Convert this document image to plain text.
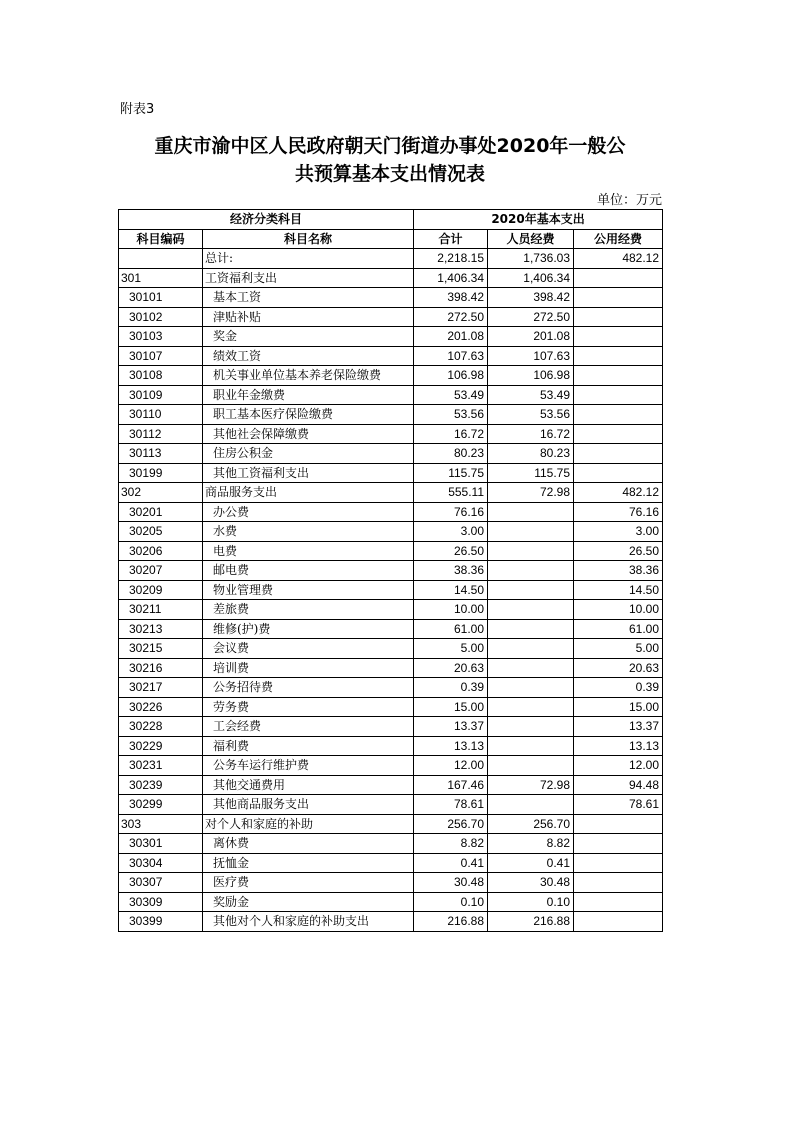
附表3
重庆市渝中区人民政府朝天门街道办事处2020年一般公
共预算基本支出情况表
单位：万元
经济分类科目		2020年基本支出		
科目编码	科目名称	合计	人员经费	公用经费
	总计:	2,218.15	1,736.03	482.12
301	工资福利支出	1,406.34	1,406.34	
30101	基本工资	398.42	398.42	
30102	津贴补贴	272.50	272.50	
30103	奖金	201.08	201.08	
30107	绩效工资	107.63	107.63	
30108	机关事业单位基本养老保险缴费	106.98	106.98	
30109	职业年金缴费	53.49	53.49	
30110	职工基本医疗保险缴费	53.56	53.56	
30112	其他社会保障缴费	16.72	16.72	
30113	住房公积金	80.23	80.23	
30199	其他工资福利支出	115.75	115.75	
302	商品服务支出	555.11	72.98	482.12
30201	办公费	76.16		76.16
30205	水费	3.00		3.00
30206	电费	26.50		26.50
30207	邮电费	38.36		38.36
30209	物业管理费	14.50		14.50
30211	差旅费	10.00		10.00
30213	维修(护)费	61.00		61.00
30215	会议费	5.00		5.00
30216	培训费	20.63		20.63
30217	公务招待费	0.39		0.39
30226	劳务费	15.00		15.00
30228	工会经费	13.37		13.37
30229	福利费	13.13		13.13
30231	公务车运行维护费	12.00		12.00
30239	其他交通费用	167.46	72.98	94.48
30299	其他商品服务支出	78.61		78.61
303	对个人和家庭的补助	256.70	256.70	
30301	离休费	8.82	8.82	
30304	抚恤金	0.41	0.41	
30307	医疗费	30.48	30.48	
30309	奖励金	0.10	0.10	
30399	其他对个人和家庭的补助支出	216.88	216.88	
